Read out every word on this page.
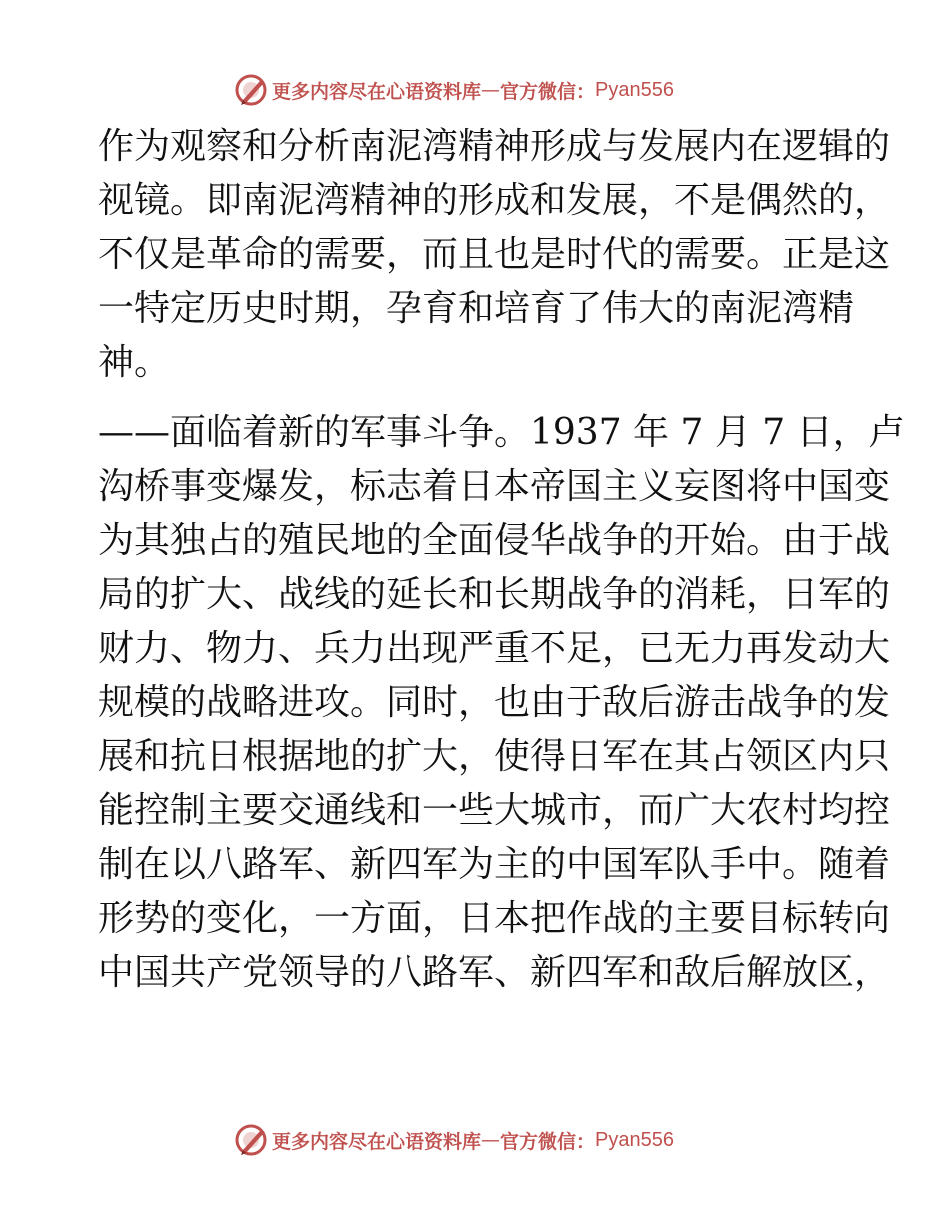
更多内容尽在心语资料库 — 官方微信： Pyan556

作为观察和分析南泥湾精神形成与发展内在逻辑的
视镜。即南泥湾精神的形成和发展，不是偶然的，
不仅是革命的需要，而且也是时代的需要。正是这
一特定历史时期，孕育和培育了伟大的南泥湾精
神。

——面临着新的军事斗争。1937 年 7 月 7 日，卢
沟桥事变爆发，标志着日本帝国主义妄图将中国变
为其独占的殖民地的全面侵华战争的开始。由于战
局的扩大、战线的延长和长期战争的消耗，日军的
财力、物力、兵力出现严重不足，已无力再发动大
规模的战略进攻。同时，也由于敌后游击战争的发
展和抗日根据地的扩大，使得日军在其占领区内只
能控制主要交通线和一些大城市，而广大农村均控
制在以八路军、新四军为主的中国军队手中。随着
形势的变化，一方面，日本把作战的主要目标转向
中国共产党领导的八路军、新四军和敌后解放区，

更多内容尽在心语资料库 — 官方微信： Pyan556
